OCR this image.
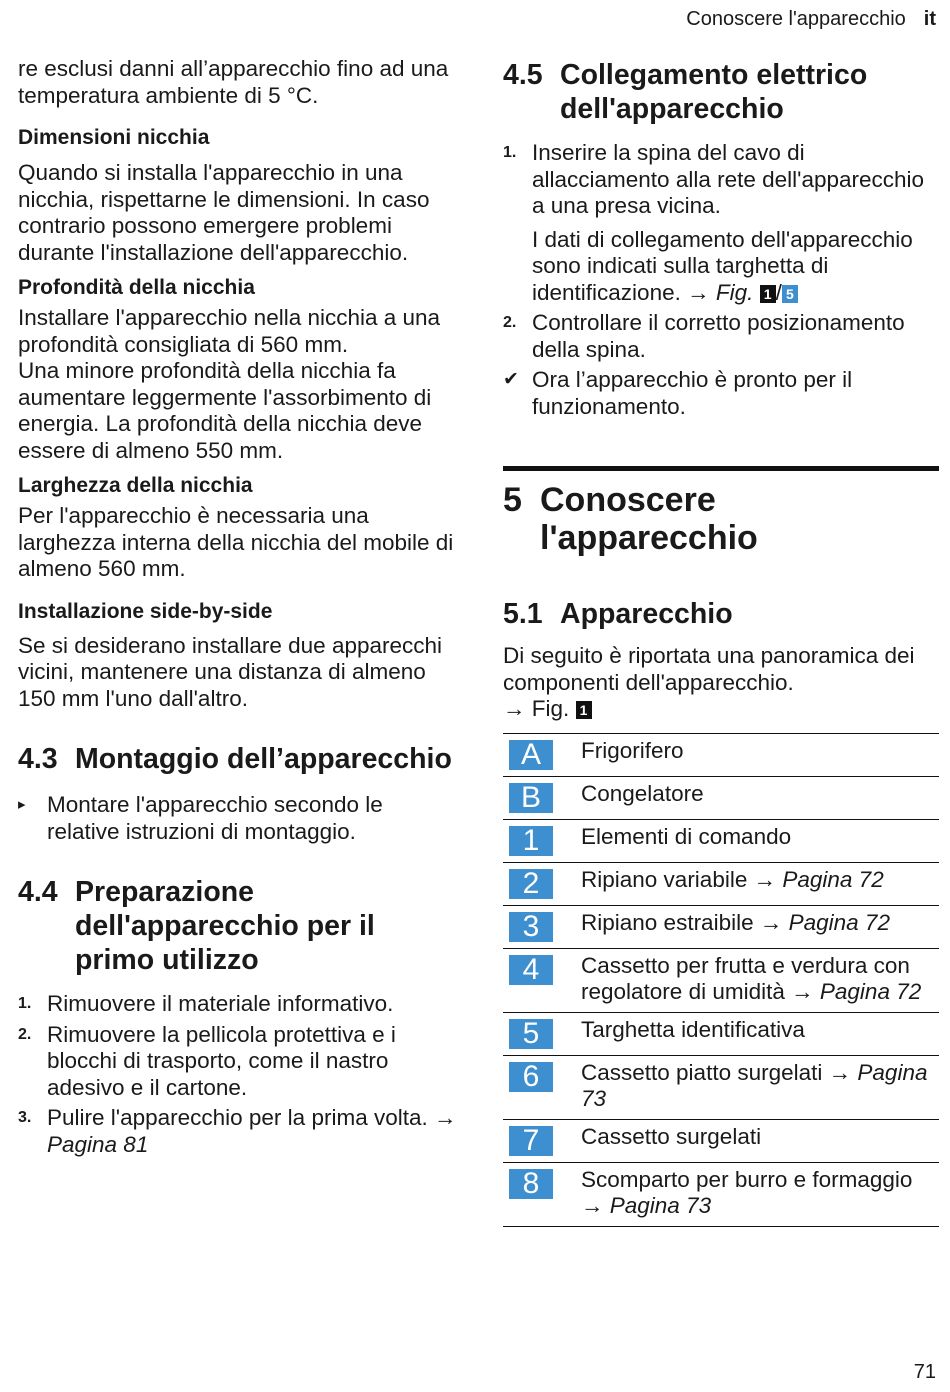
Conoscere l'apparecchio it

re esclusi danni all’apparecchio fino ad una temperatura ambiente di 5 °C.

Dimensioni nicchia

Quando si installa l'apparecchio in una nicchia, rispettarne le dimensioni. In caso contrario possono emergere problemi durante l'installazione dell'apparecchio.

Profondità della nicchia

Installare l'apparecchio nella nicchia a una profondità consigliata di 560 mm.

Una minore profondità della nicchia fa aumentare leggermente l'assorbimento di energia. La profondità della nicchia deve essere di almeno 550 mm.

Larghezza della nicchia

Per l'apparecchio è necessaria una larghezza interna della nicchia del mobile di almeno 560 mm.

Installazione side-by-side

Se si desiderano installare due apparecchi vicini, mantenere una distanza di almeno 150 mm l'uno dall'altro.

4.3 Montaggio dell’apparecchio
▸ Montare l'apparecchio secondo le relative istruzioni di montaggio.
4.4 Preparazione dell'apparecchio per il primo utilizzo
1. Rimuovere il materiale informativo.
2. Rimuovere la pellicola protettiva e i blocchi di trasporto, come il nastro adesivo e il cartone.
3. Pulire l'apparecchio per la prima volta. → Pagina 81
4.5 Collegamento elettrico dell'apparecchio
1. Inserire la spina del cavo di allacciamento alla rete dell'apparecchio a una presa vicina.
I dati di collegamento dell'apparecchio sono indicati sulla targhetta di identificazione. → Fig. 1 / 5
2. Controllare il corretto posizionamento della spina.
✔ Ora l’apparecchio è pronto per il funzionamento.
5 Conoscere l'apparecchio
5.1 Apparecchio

Di seguito è riportata una panoramica dei componenti dell'apparecchio.
→ Fig. 1

A	Frigorifero
B	Congelatore
1	Elementi di comando
2	Ripiano variabile → Pagina 72
3	Ripiano estraibile → Pagina 72
4	Cassetto per frutta e verdura con regolatore di umidità → Pagina 72
5	Targhetta identificativa
6	Cassetto piatto surgelati → Pagina 73
7	Cassetto surgelati
8	Scomparto per burro e formaggio → Pagina 73
71
